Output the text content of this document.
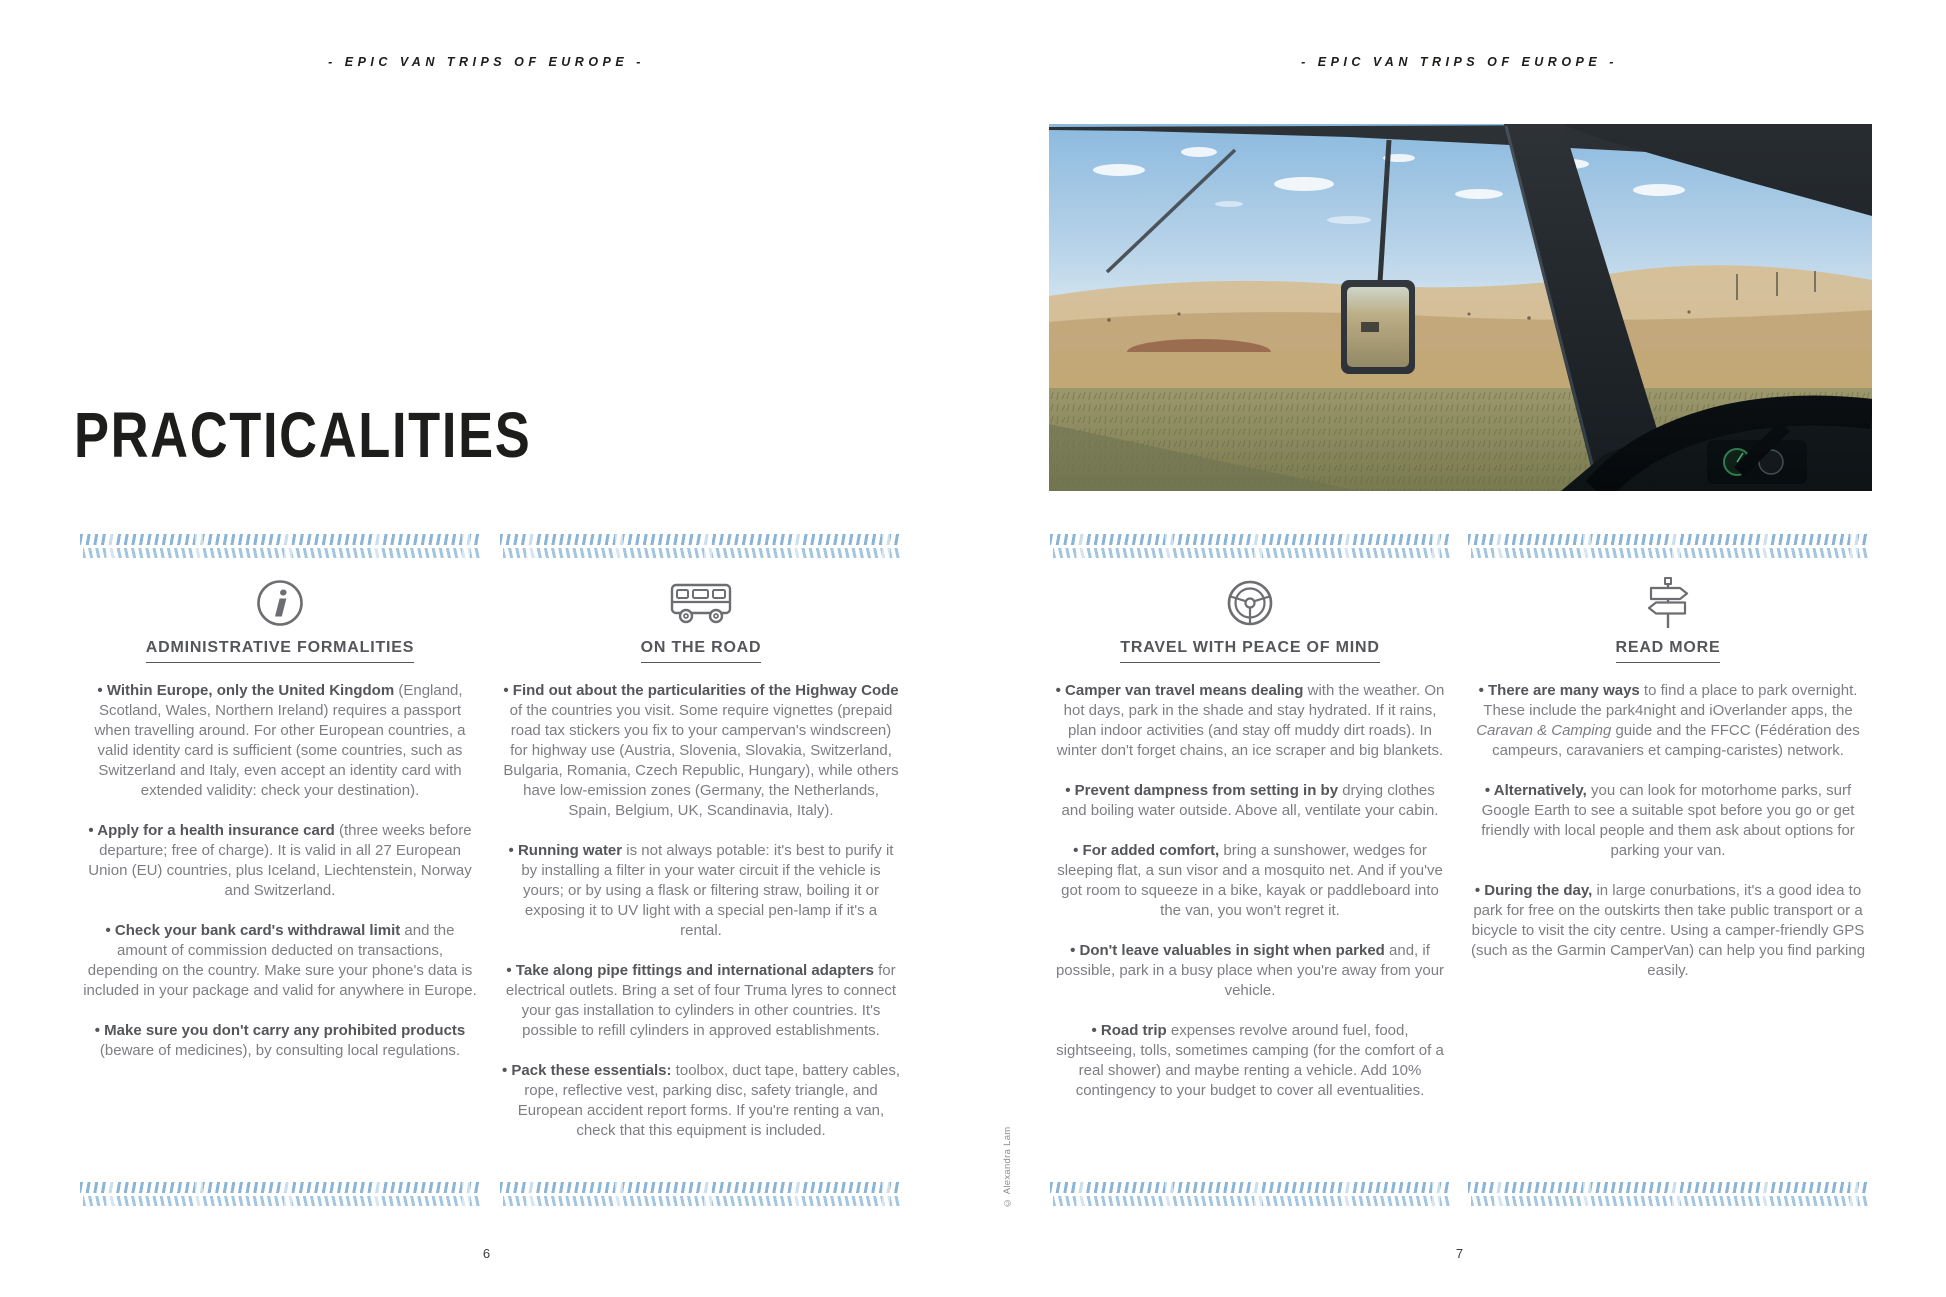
- EPIC VAN TRIPS OF EUROPE -	- EPIC VAN TRIPS OF EUROPE -
PRACTICALITIES
© Alexandra Lam
ADMINISTRATIVE FORMALITIES

• Within Europe, only the United Kingdom (England, Scotland, Wales, Northern Ireland) requires a passport when travelling around. For other European countries, a valid identity card is sufficient (some countries, such as Switzerland and Italy, even accept an identity card with extended validity: check your destination).

• Apply for a health insurance card (three weeks before departure; free of charge). It is valid in all 27 European Union (EU) countries, plus Iceland, Liechtenstein, Norway and Switzerland.

• Check your bank card's withdrawal limit and the amount of commission deducted on transactions, depending on the country. Make sure your phone's data is included in your package and valid for anywhere in Europe.

• Make sure you don't carry any prohibited products (beware of medicines), by consulting local regulations.

ON THE ROAD

• Find out about the particularities of the Highway Code of the countries you visit. Some require vignettes (prepaid road tax stickers you fix to your campervan's windscreen) for highway use (Austria, Slovenia, Slovakia, Switzerland, Bulgaria, Romania, Czech Republic, Hungary), while others have low-emission zones (Germany, the Netherlands, Spain, Belgium, UK, Scandinavia, Italy).

• Running water is not always potable: it's best to purify it by installing a filter in your water circuit if the vehicle is yours; or by using a flask or filtering straw, boiling it or exposing it to UV light with a special pen-lamp if it's a rental.

• Take along pipe fittings and international adapters for electrical outlets. Bring a set of four Truma lyres to connect your gas installation to cylinders in other countries. It's possible to refill cylinders in approved establishments.

• Pack these essentials: toolbox, duct tape, battery cables, rope, reflective vest, parking disc, safety triangle, and European accident report forms. If you're renting a van, check that this equipment is included.

TRAVEL WITH PEACE OF MIND

• Camper van travel means dealing with the weather. On hot days, park in the shade and stay hydrated. If it rains, plan indoor activities (and stay off muddy dirt roads). In winter don't forget chains, an ice scraper and big blankets.

• Prevent dampness from setting in by drying clothes and boiling water outside. Above all, ventilate your cabin.

• For added comfort, bring a sunshower, wedges for sleeping flat, a sun visor and a mosquito net. And if you've got room to squeeze in a bike, kayak or paddleboard into the van, you won't regret it.

• Don't leave valuables in sight when parked and, if possible, park in a busy place when you're away from your vehicle.

• Road trip expenses revolve around fuel, food, sightseeing, tolls, sometimes camping (for the comfort of a real shower) and maybe renting a vehicle. Add 10% contingency to your budget to cover all eventualities.

READ MORE

• There are many ways to find a place to park overnight. These include the park4night and iOverlander apps, the Caravan & Camping guide and the FFCC (Fédération des campeurs, caravaniers et camping-caristes) network.

• Alternatively, you can look for motorhome parks, surf Google Earth to see a suitable spot before you go or get friendly with local people and them ask about options for parking your van.

• During the day, in large conurbations, it's a good idea to park for free on the outskirts then take public transport or a bicycle to visit the city centre. Using a camper-friendly GPS (such as the Garmin CamperVan) can help you find parking easily.

6	7
